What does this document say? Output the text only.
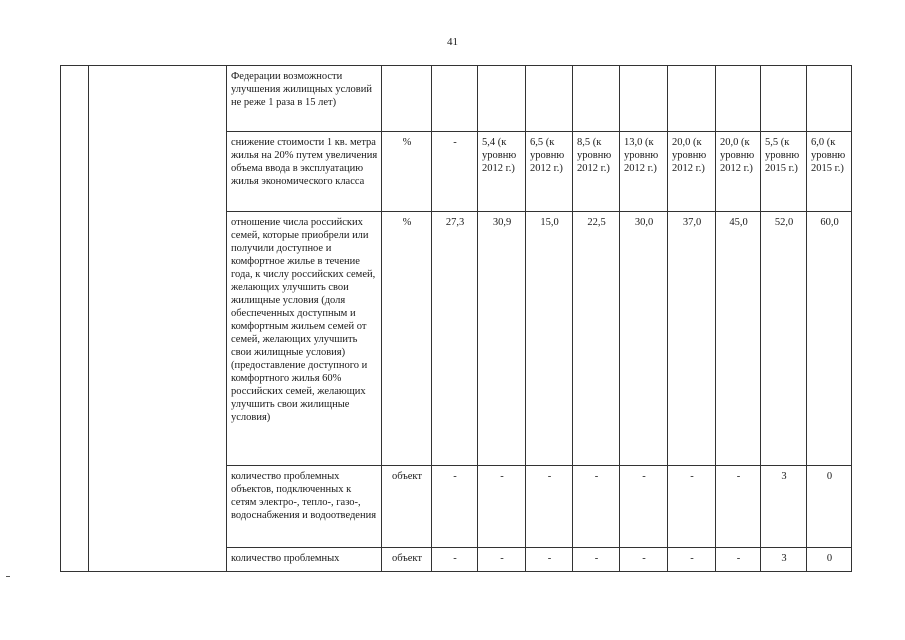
41
		Федерации возможности улучшения жилищных условий не реже 1 раза в 15 лет)										
		снижение стоимости 1 кв. метра жилья на 20% путем увеличения объема ввода в эксплуатацию жилья экономического класса	%	-	5,4 (к уровню 2012 г.)	6,5 (к уровню 2012 г.)	8,5 (к уровню 2012 г.)	13,0 (к уровню 2012 г.)	20,0 (к уровню 2012 г.)	20,0 (к уровню 2012 г.)	5,5 (к уровню 2015 г.)	6,0 (к уровню 2015 г.)
		отношение числа российских семей, которые приобрели или получили доступное и комфортное жилье в течение года, к числу российских семей, желающих улучшить свои жилищные условия (доля обеспеченных доступным и комфортным жильем семей от семей, желающих улучшить свои жилищные условия) (предоставление доступного и комфортного жилья 60% российских семей, желающих улучшить свои жилищные условия)	%	27,3	30,9	15,0	22,5	30,0	37,0	45,0	52,0	60,0
		количество проблемных объектов, подключенных к сетям электро-, тепло-, газо-, водоснабжения и водоотведения	объект	-	-	-	-	-	-	-	3	0
		количество проблемных	объект	-	-	-	-	-	-	-	3	0
